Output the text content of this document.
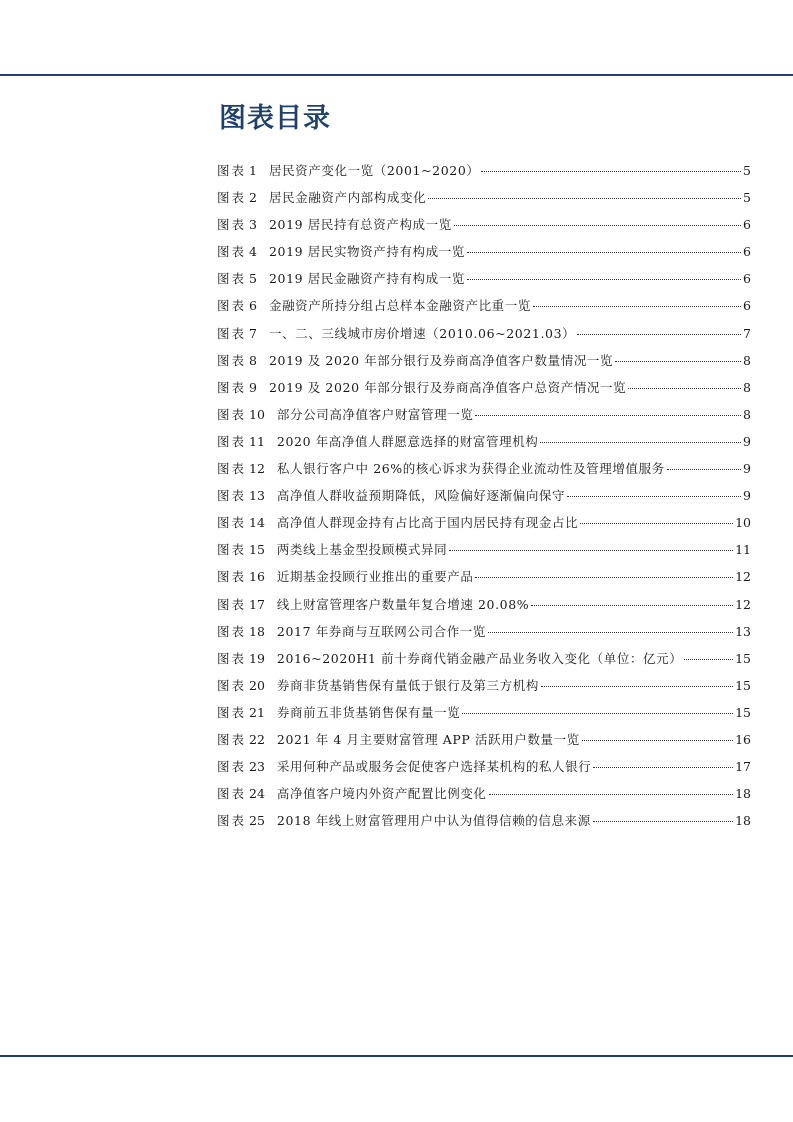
图表目录
图表 1 居民资产变化一览（2001~2020）	5
图表 2 居民金融资产内部构成变化	5
图表 3 2019 居民持有总资产构成一览	6
图表 4 2019 居民实物资产持有构成一览	6
图表 5 2019 居民金融资产持有构成一览	6
图表 6 金融资产所持分组占总样本金融资产比重一览	6
图表 7 一、二、三线城市房价增速（2010.06~2021.03）	7
图表 8 2019 及 2020 年部分银行及券商高净值客户数量情况一览	8
图表 9 2019 及 2020 年部分银行及券商高净值客户总资产情况一览	8
图表 10 部分公司高净值客户财富管理一览	8
图表 11 2020 年高净值人群愿意选择的财富管理机构	9
图表 12 私人银行客户中 26%的核心诉求为获得企业流动性及管理增值服务	9
图表 13 高净值人群收益预期降低，风险偏好逐渐偏向保守	9
图表 14 高净值人群现金持有占比高于国内居民持有现金占比	10
图表 15 两类线上基金型投顾模式异同	11
图表 16 近期基金投顾行业推出的重要产品	12
图表 17 线上财富管理客户数量年复合增速 20.08%	12
图表 18 2017 年券商与互联网公司合作一览	13
图表 19 2016~2020H1 前十券商代销金融产品业务收入变化（单位：亿元）	15
图表 20 券商非货基销售保有量低于银行及第三方机构	15
图表 21 券商前五非货基销售保有量一览	15
图表 22 2021 年 4 月主要财富管理 APP 活跃用户数量一览	16
图表 23 采用何种产品或服务会促使客户选择某机构的私人银行	17
图表 24 高净值客户境内外资产配置比例变化	18
图表 25 2018 年线上财富管理用户中认为值得信赖的信息来源	18
